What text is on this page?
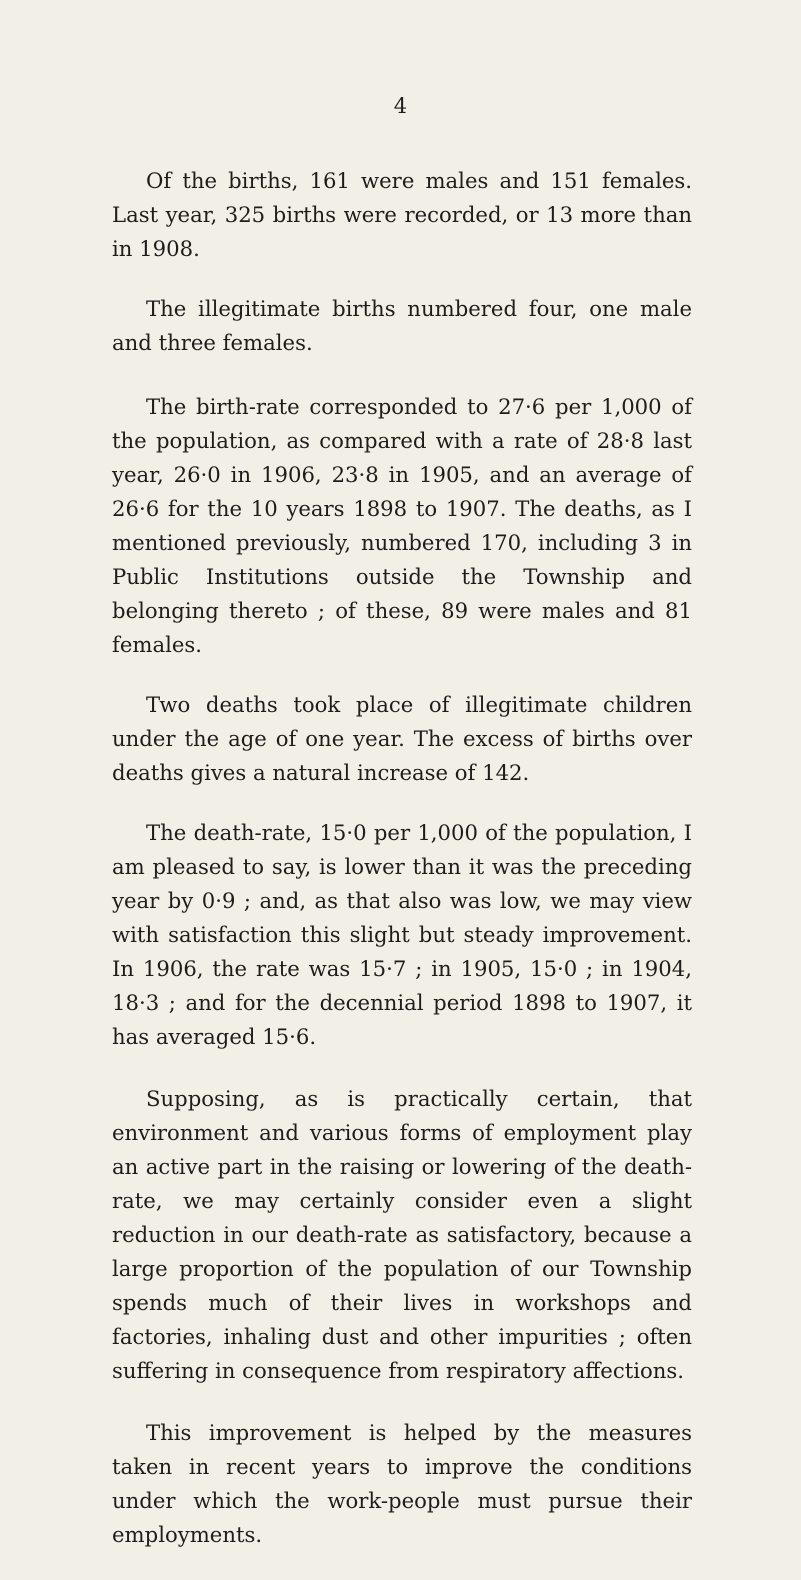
4

Of the births, 161 were males and 151 females. Last year, 325 births were recorded, or 13 more than in 1908.

The illegitimate births numbered four, one male and three females.

The birth-rate corresponded to 27·6 per 1,000 of the population, as compared with a rate of 28·8 last year, 26·0 in 1906, 23·8 in 1905, and an average of 26·6 for the 10 years 1898 to 1907. The deaths, as I mentioned previously, numbered 170, including 3 in Public Institutions outside the Township and belonging thereto ; of these, 89 were males and 81 females.

Two deaths took place of illegitimate children under the age of one year. The excess of births over deaths gives a natural increase of 142.

The death-rate, 15·0 per 1,000 of the population, I am pleased to say, is lower than it was the preceding year by 0·9 ; and, as that also was low, we may view with satisfaction this slight but steady improvement. In 1906, the rate was 15·7 ; in 1905, 15·0 ; in 1904, 18·3 ; and for the decennial period 1898 to 1907, it has averaged 15·6.

Supposing, as is practically certain, that environment and various forms of employment play an active part in the raising or lowering of the death-rate, we may certainly consider even a slight reduction in our death-rate as satisfactory, because a large proportion of the population of our Township spends much of their lives in workshops and factories, inhaling dust and other impurities ; often suffering in consequence from respiratory affections.

This improvement is helped by the measures taken in recent years to improve the conditions under which the work-people must pursue their employments.
